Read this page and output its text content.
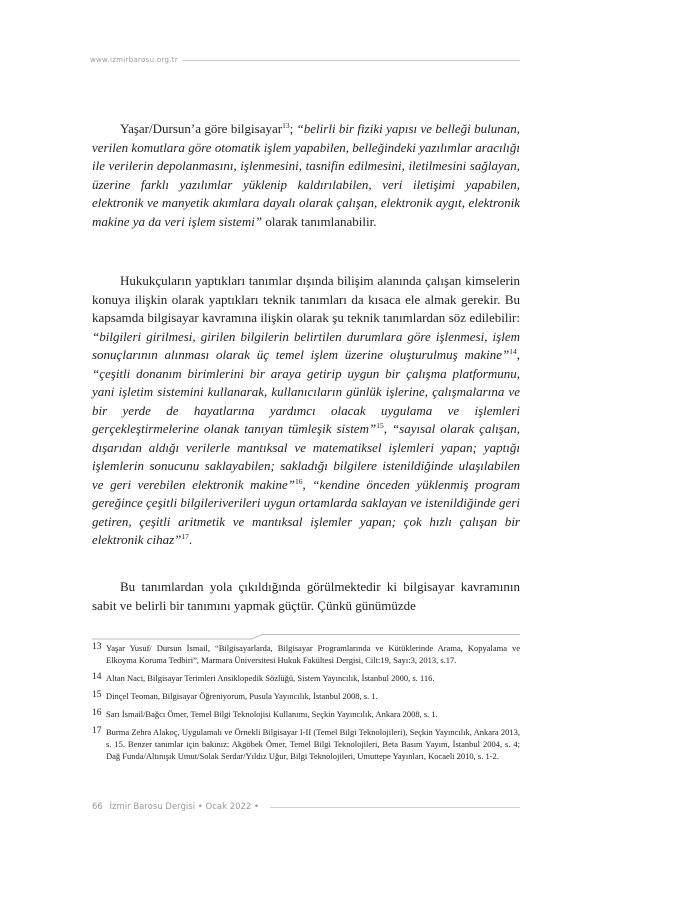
www.izmirbarosu.org.tr

Yaşar/Dursun’a göre bilgisayar$^{13}$; “belirli bir fiziki yapısı ve belleği bulunan, verilen komutlara göre otomatik işlem yapabilen, belleğindeki yazılımlar aracılığı ile verilerin depolanmasını, işlenmesini, tasnifin edilmesini, iletilmesini sağlayan, üzerine farklı yazılımlar yüklenip kaldırılabilen, veri iletişimi yapabilen, elektronik ve manyetik akımlara dayalı olarak çalışan, elektronik aygıt, elektronik makine ya da veri işlem sistemi” olarak tanımlanabilir.

Hukukçuların yaptıkları tanımlar dışında bilişim alanında çalışan kimselerin konuya ilişkin olarak yaptıkları teknik tanımları da kısaca ele almak gerekir. Bu kapsamda bilgisayar kavramına ilişkin olarak şu teknik tanımlardan söz edilebilir: “bilgileri girilmesi, girilen bilgilerin belirtilen durumlara göre işlenmesi, işlem sonuçlarının alınması olarak üç temel işlem üzerine oluşturulmuş makine”$^{14}$, “çeşitli donanım birimlerini bir araya getirip uygun bir çalışma platformunu, yani işletim sistemini kullanarak, kullanıcıların günlük işlerine, çalışmalarına ve bir yerde de hayatlarına yardımcı olacak uygulama ve işlemleri gerçekleştirmelerine olanak tanıyan tümleşik sistem”$^{15}$, “sayısal olarak çalışan, dışarıdan aldığı verilerle mantıksal ve matematiksel işlemleri yapan; yaptığı işlemlerin sonucunu saklayabilen; sakladığı bilgilere istenildiğinde ulaşılabilen ve geri verebilen elektronik makine”$^{16}$, “kendine önceden yüklenmiş program gereğince çeşitli bilgileriverileri uygun ortamlarda saklayan ve istenildiğinde geri getiren, çeşitli aritmetik ve mantıksal işlemler yapan; çok hızlı çalışan bir elektronik cihaz”$^{17}$.

Bu tanımlardan yola çıkıldığında görülmektedir ki bilgisayar kavramının sabit ve belirli bir tanımını yapmak güçtür. Çünkü günümüzde

13 Yaşar Yusuf/ Dursun İsmail, “Bilgisayarlarda, Bilgisayar Programlarında ve Kütüklerinde Arama, Kopyalama ve Elkoyma Koruma Tedbiri”, Marmara Üniversitesi Hukuk Fakültesi Dergisi, Cilt:19, Sayı:3, 2013, s.17.
14 Altan Naci, Bilgisayar Terimleri Ansiklopedik Sözlüğü, Sistem Yayıncılık, İstanbul 2000, s. 116.
15 Dinçel Teoman, Bilgisayar Öğreniyorum, Pusula Yayıncılık, İstanbul 2008, s. 1.
16 Sarı İsmail/Bağcı Ömer, Temel Bilgi Teknolojisi Kullanımı, Seçkin Yayıncılık, Ankara 2008, s. 1.
17 Burma Zehra Alakoç, Uygulamalı ve Örnekli Bilgisayar I-II (Temel Bilgi Teknolojileri), Seçkin Yayıncılık, Ankara 2013, s. 15. Benzer tanımlar için bakınız: Akgöbek Ömer, Temel Bilgi Teknolojileri, Beta Basım Yayım, İstanbul 2004, s. 4; Dağ Funda/Altınışık Umut/Solak Serdar/Yıldız Uğur, Bilgi Teknolojileri, Umuttepe Yayınları, Kocaeli 2010, s. 1-2.
66 İzmir Barosu Dergisi • Ocak 2022 •
